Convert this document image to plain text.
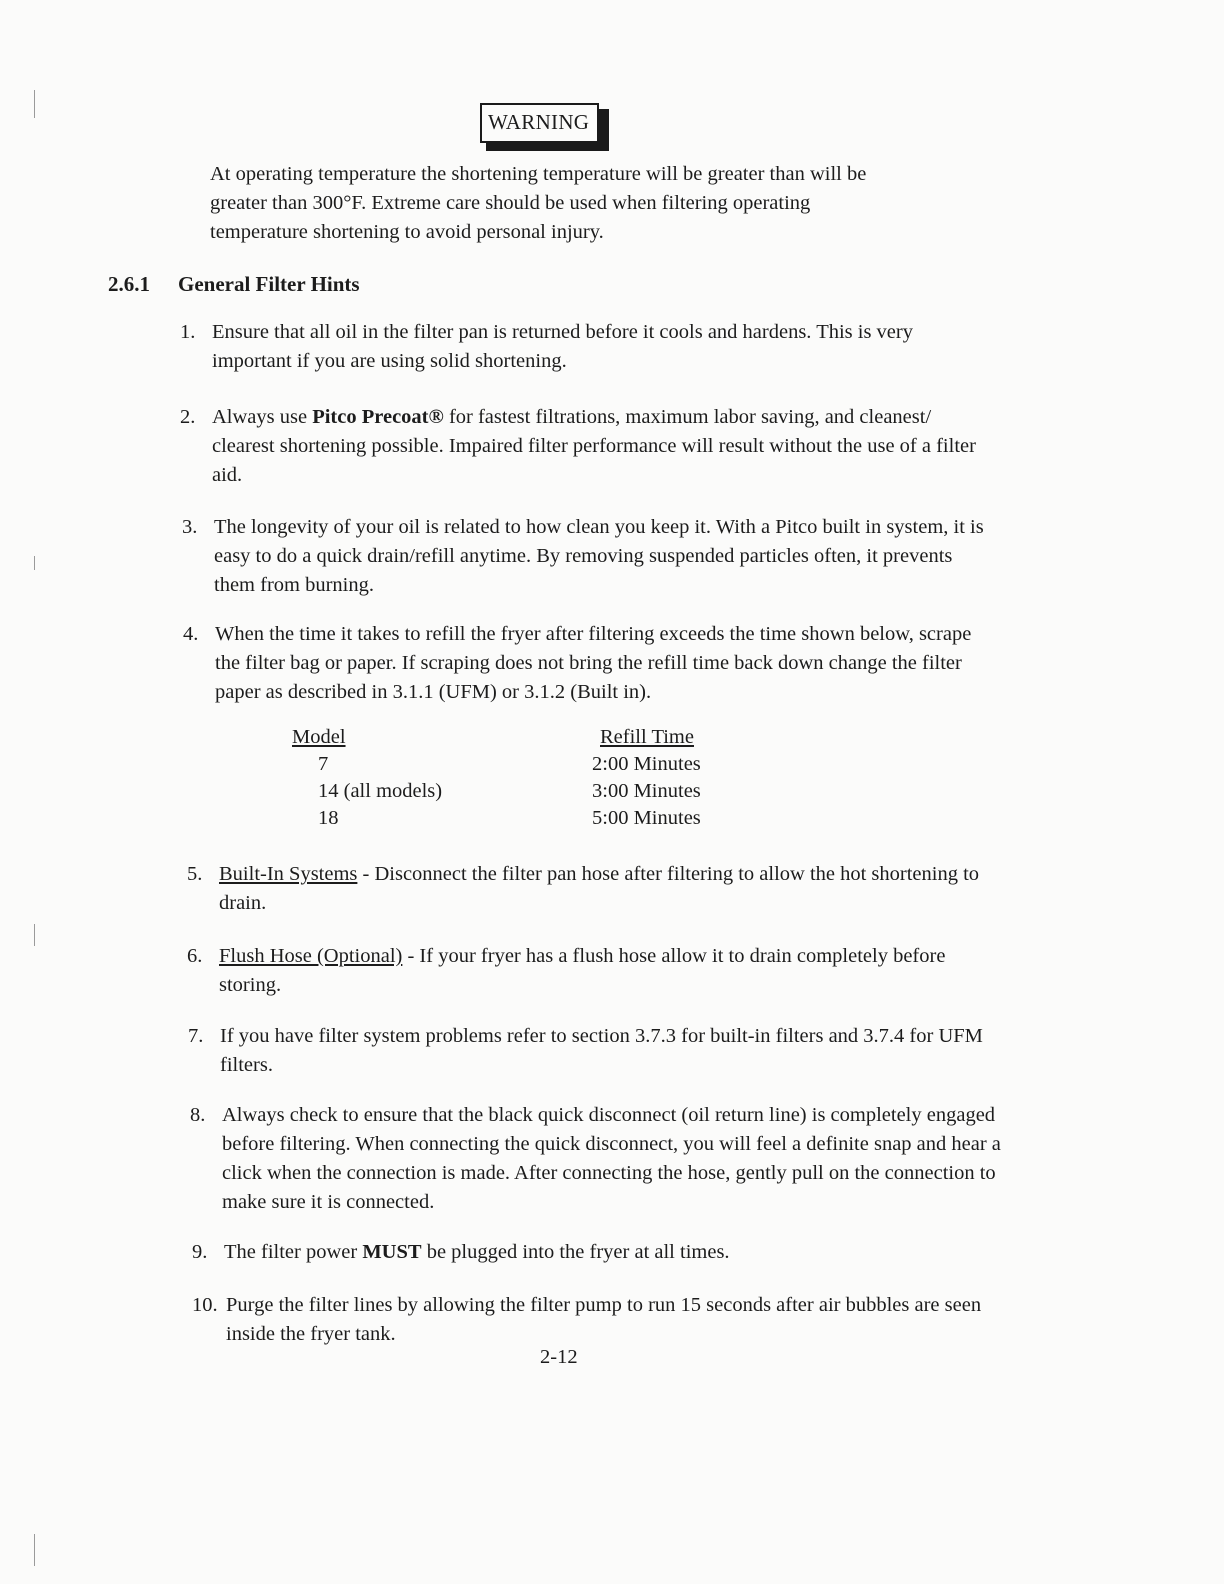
WARNING
At operating temperature the shortening temperature will be greater than will be greater than 300°F. Extreme care should be used when filtering operating temperature shortening to avoid personal injury.
2.6.1 General Filter Hints
1. Ensure that all oil in the filter pan is returned before it cools and hardens. This is very important if you are using solid shortening.
2. Always use Pitco Precoat® for fastest filtrations, maximum labor saving, and cleanest/ clearest shortening possible. Impaired filter performance will result without the use of a filter aid.
3. The longevity of your oil is related to how clean you keep it. With a Pitco built in system, it is easy to do a quick drain/refill anytime. By removing suspended particles often, it prevents them from burning.
4. When the time it takes to refill the fryer after filtering exceeds the time shown below, scrape the filter bag or paper. If scraping does not bring the refill time back down change the filter paper as described in 3.1.1 (UFM) or 3.1.2 (Built in).
Model
7
14 (all models)
18
Refill Time
2:00 Minutes
3:00 Minutes
5:00 Minutes
5. Built-In Systems - Disconnect the filter pan hose after filtering to allow the hot shortening to drain.
6. Flush Hose (Optional) - If your fryer has a flush hose allow it to drain completely before storing.
7. If you have filter system problems refer to section 3.7.3 for built-in filters and 3.7.4 for UFM filters.
8. Always check to ensure that the black quick disconnect (oil return line) is completely engaged before filtering. When connecting the quick disconnect, you will feel a definite snap and hear a click when the connection is made. After connecting the hose, gently pull on the connection to make sure it is connected.
9. The filter power MUST be plugged into the fryer at all times.
10. Purge the filter lines by allowing the filter pump to run 15 seconds after air bubbles are seen inside the fryer tank.
2-12
